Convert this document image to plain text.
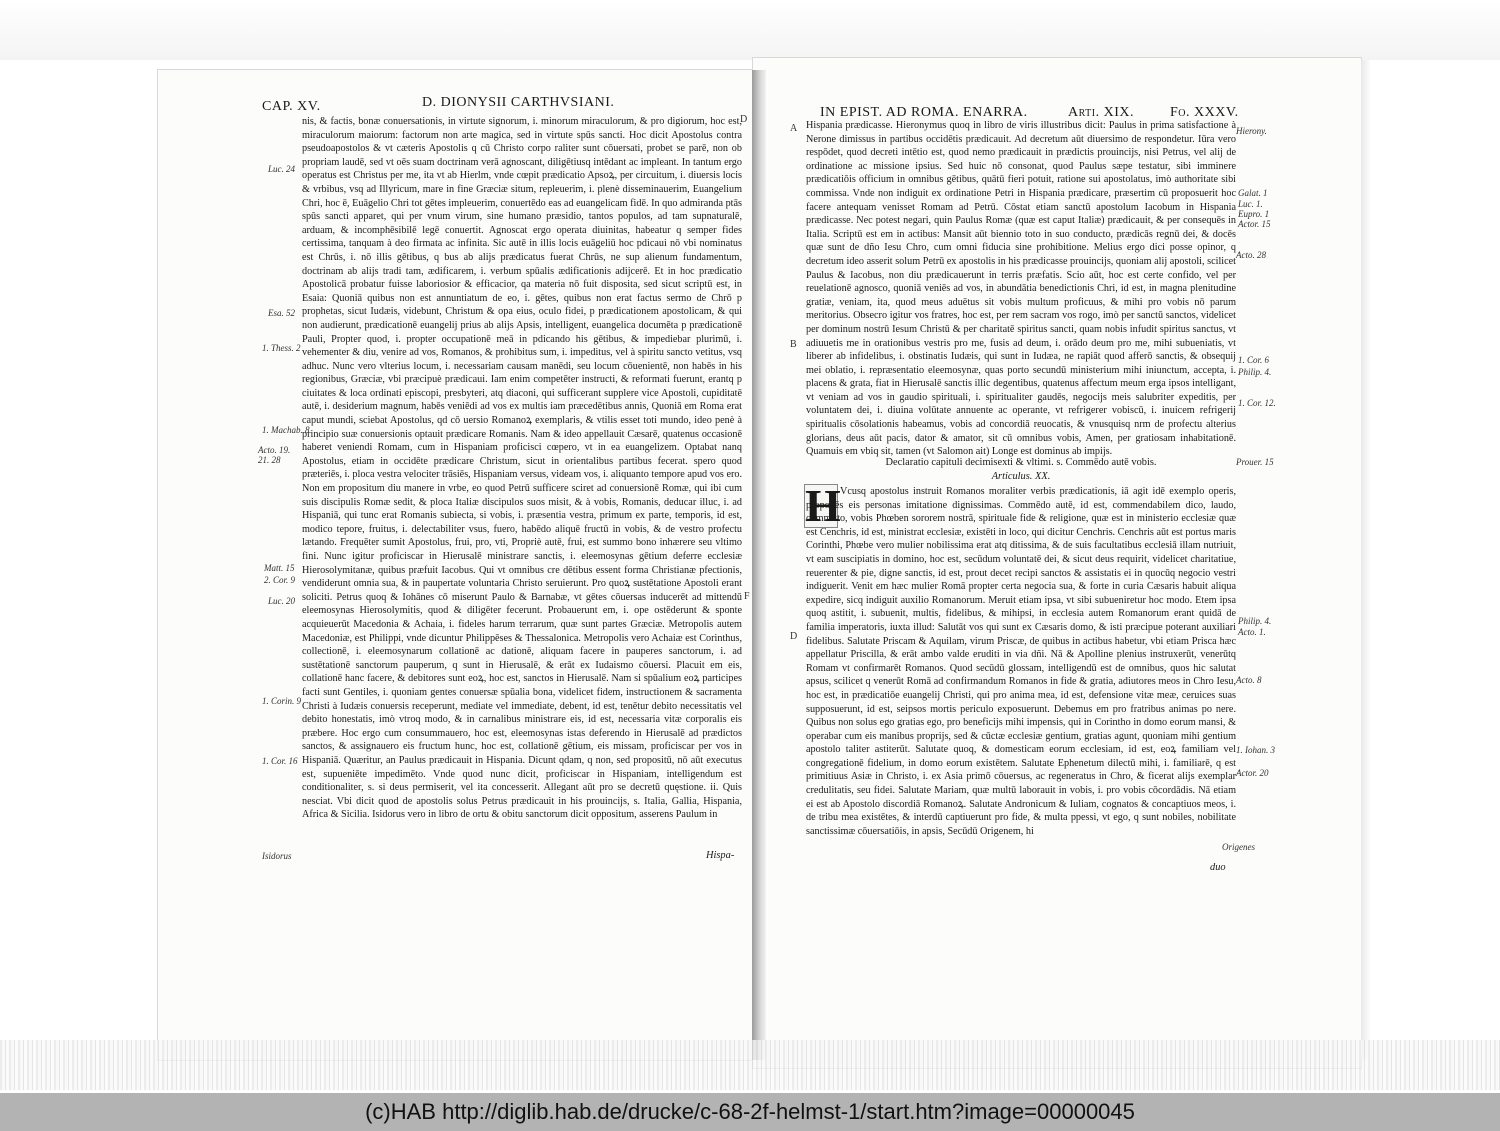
CAP. XV.	D. DIONYSII CARTHVSIANI.
D
F

nis, & factis, bonæ conuersationis, in virtute signorum, i. minorum miraculorum, & pro digiorum, hoc est, miraculorum maiorum: factorum non arte magica, sed in virtute spūs sancti. Hoc dicit Apostolus contra pseudoapostolos & vt cæteris Apostolis q cū Christo corpo raliter sunt cōuersati, probet se parē, non ob propriam laudē, sed vt oēs suam doctrinam verā agnoscant, diligētiusq intēdant ac impleant. In tantum ergo operatus est Christus per me, ita vt ab Hierlm, vnde cœpit prædicatio Apsoꝝ, per circuitum, i. diuersis locis & vrbibus, vsq ad Illyricum, mare in fine Græciæ situm, repleuerim, i. plenè disseminauerim, Euangelium Chri, hoc ē, Euāgelio Chri tot gētes impleuerim, conuertēdo eas ad euangelicam fidē. In quo admiranda ptās spūs sancti apparet, qui per vnum virum, sine humano præsidio, tantos populos, ad tam supnaturalē, arduam, & incomphēsibilē legē conuertit. Agnoscat ergo operata diuinitas, habeatur q semper fides certissima, tanquam à deo firmata ac infinita. Sic autē in illis locis euāgeliū hoc pdicaui nō vbi nominatus est Chrūs, i. nō illis gētibus, q bus ab alijs prædicatus fuerat Chrūs, ne sup alienum fundamentum, doctrinam ab alijs tradi tam, ædificarem, i. verbum spūalis ædificationis adijcerē. Et in hoc prædicatio Apostolicā probatur fuisse laboriosior & efficacior, qa materia nō fuit disposita, sed sicut scriptū est, in Esaia: Quoniā quibus non est annuntiatum de eo, i. gētes, quibus non erat factus sermo de Chrō p prophetas, sicut Iudæis, videbunt, Christum & opa eius, oculo fidei, p prædicationem apostolicam, & qui non audierunt, prædicationē euangelij prius ab alijs Apsis, intelligent, euangelica documēta p prædicationē Pauli, Propter quod, i. propter occupationē meā in pdicando his gētibus, & impediebar plurimū, i. vehementer & diu, venire ad vos, Romanos, & prohibitus sum, i. impeditus, vel à spiritu sancto vetitus, vsq adhuc. Nunc vero vlterius locum, i. necessariam causam manēdi, seu locum cōuenientē, non habēs in his regionibus, Græciæ, vbi præcipuè prædicaui. Iam enim competēter instructi, & reformati fuerunt, erantq p ciuitates & loca ordinati episcopi, presbyteri, atq diaconi, qui sufficerant supplere vice Apostoli, cupiditatē autē, i. desiderium magnum, habēs veniēdi ad vos ex multis iam præcedētibus annis, Quoniā em Roma erat caput mundi, sciebat Apostolus, qd cō uersio Romanoꝝ exemplaris, & vtilis esset toti mundo, ideo penè à principio suæ conuersionis optauit prædicare Romanis. Nam & ideo appellauit Cæsarē, quatenus occasionē haberet veniendi Romam, cum in Hispaniam proficisci cœpero, vt in ea euangelizem. Optabat nanq Apostolus, etiam in occidēte prædicare Christum, sicut in orientalibus partibus fecerat. spero quod præteriēs, i. ploca vestra velociter trāsiēs, Hispaniam versus, videam vos, i. aliquanto tempore apud vos ero. Non em propositum diu manere in vrbe, eo quod Petrū sufficere sciret ad conuersionē Romæ, qui ibi cum suis discipulis Romæ sedit, & ploca Italiæ discipulos suos misit, & à vobis, Romanis, deducar illuc, i. ad Hispaniā, qui tunc erat Romanis subiecta, si vobis, i. præsentia vestra, primum ex parte, temporis, id est, modico tepore, fruitus, i. delectabiliter vsus, fuero, habēdo aliquē fructū in vobis, & de vestro profectu lætando. Frequēter sumit Apostolus, frui, pro, vti, Propriè autē, frui, est summo bono inhærere seu vltimo fini. Nunc igitur proficiscar in Hierusalē ministrare sanctis, i. eleemosynas gētium deferre ecclesiæ Hierosolymitanæ, quibus præfuit Iacobus. Qui vt omnibus cre dētibus essent forma Christianæ pfectionis, vendiderunt omnia sua, & in paupertate voluntaria Christo seruierunt. Pro quoꝝ sustētatione Apostoli erant soliciti. Petrus quoq & Iohānes cō miserunt Paulo & Barnabæ, vt gētes cōuersas inducerēt ad mittendū eleemosynas Hierosolymitis, quod & diligēter fecerunt. Probauerunt em, i. ope ostēderunt & sponte acquieuerūt Macedonia & Achaia, i. fideles harum terrarum, quæ sunt partes Græciæ. Metropolis autem Macedoniæ, est Philippi, vnde dicuntur Philippēses & Thessalonica. Metropolis vero Achaiæ est Corinthus, collectionē, i. eleemosynarum collationē ac dationē, aliquam facere in pauperes sanctorum, i. ad sustētationē sanctorum pauperum, q sunt in Hierusalē, & erāt ex Iudaismo cōuersi. Placuit em eis, collationē hanc facere, & debitores sunt eoꝝ, hoc est, sanctos in Hierusalē. Nam si spūalium eoꝝ participes facti sunt Gentiles, i. quoniam gentes conuersæ spūalia bona, videlicet fidem, instructionem & sacramenta Christi à Iudæis conuersis receperunt, mediate vel immediate, debent, id est, tenētur debito necessitatis vel debito honestatis, imò vtroq modo, & in carnalibus ministrare eis, id est, necessaria vitæ corporalis eis præbere. Hoc ergo cum consummauero, hoc est, eleemosynas istas deferendo in Hierusalē ad prædictos sanctos, & assignauero eis fructum hunc, hoc est, collationē gētium, eis missam, proficiscar per vos in Hispaniā. Quæritur, an Paulus prædicauit in Hispania. Dicunt qdam, q non, sed propositū, nō aūt executus est, supueniēte impedimēto. Vnde quod nunc dicit, proficiscar in Hispaniam, intelligendum est conditionaliter, s. si deus permiserit, vel ita concesserit. Allegant aūt pro se decretū quęstione. ii. Quis nesciat. Vbi dicit quod de apostolis solus Petrus prædicauit in his prouincijs, s. Italia, Gallia, Hispania, Africa & Sicilia. Isidorus vero in libro de ortu & obitu sanctorum dicit oppositum, asserens Paulum in

Hispa-
Luc. 24
Esa. 52
1. Thess. 2
1. Machab. 8
Acto. 19. 21. 28
Matt. 15
2. Cor. 9
Luc. 20
1. Corin. 9
1. Cor. 16
Isidorus
IN EPIST. AD ROMA. ENARRA.	Arti. XIX.	Fo. XXXV.
A
B
D

Hispania prædicasse. Hieronymus quoq in libro de viris illustribus dicit: Paulus in prima satisfactione à Nerone dimissus in partibus occidētis prædicauit. Ad decretum aūt diuersimo de respondetur. Iūra vero respōdet, quod decreti intētio est, quod nemo prædicauit in prædictis prouincijs, nisi Petrus, vel alij de ordinatione ac missione ipsius. Sed huic nō consonat, quod Paulus sæpe testatur, sibi imminere prædicatiōis officium in omnibus gētibus, quātū fieri potuit, ratione sui apostolatus, imò authoritate sibi commissa. Vnde non indiguit ex ordinatione Petri in Hispania prædicare, præsertim cū proposuerit hoc facere antequam venisset Romam ad Petrū. Cōstat etiam sanctū apostolum Iacobum in Hispania prædicasse. Nec potest negari, quin Paulus Romæ (quæ est caput Italiæ) prædicauit, & per consequēs in Italia. Scriptū est em in actibus: Mansit aūt biennio toto in suo conducto, prædicās regnū dei, & docēs quæ sunt de dño Iesu Chro, cum omni fiducia sine prohibitione. Melius ergo dici posse opinor, q decretum ideo asserit solum Petrū ex apostolis in his prædicasse prouincijs, quoniam alij apostoli, scilicet Paulus & Iacobus, non diu prædicauerunt in terris præfatis. Scio aūt, hoc est certe confido, vel per reuelationē agnosco, quoniā veniēs ad vos, in abundātia benedictionis Chri, id est, in magna plenitudine gratiæ, veniam, ita, quod meus aduētus sit vobis multum proficuus, & mihi pro vobis nō parum meritorius. Obsecro igitur vos fratres, hoc est, per rem sacram vos rogo, imò per sanctū sanctos, videlicet per dominum nostrū Iesum Christū & per charitatē spiritus sancti, quam nobis infudit spiritus sanctus, vt adiuuetis me in orationibus vestris pro me, fusis ad deum, i. orādo deum pro me, mihi subueniatis, vt liberer ab infidelibus, i. obstinatis Iudæis, qui sunt in Iudæa, ne rapiāt quod afferō sanctis, & obsequij mei oblatio, i. repræsentatio eleemosynæ, quas porto secundū ministerium mihi iniunctum, accepta, i. placens & grata, fiat in Hierusalē sanctis illic degentibus, quatenus affectum meum erga ipsos intelligant, vt veniam ad vos in gaudio spirituali, i. spiritualiter gaudēs, negocijs meis salubriter expeditis, per voluntatem dei, i. diuina volūtate annuente ac operante, vt refrigerer vobiscū, i. inuicem refrigerij spiritualis cōsolationis habeamus, vobis ad concordiā reuocatis, & vnusquisq nrm de profectu alterius glorians, deus aūt pacis, dator & amator, sit cū omnibus vobis, Amen, per gratiosam inhabitationē. Quamuis em vbiq sit, tamen (vt Salomon ait) Longe est dominus ab impijs.

Declaratio capituli decimisexti & vltimi. s. Commēdo autē vobis.
Articulus. XX.
H Vcusq apostolus instruit Romanos moraliter verbis prædicationis, iā agit idē exemplo operis, proponēs eis personas imitatione dignissimas. Commēdo autē, id est, commendabilem dico, laudo, committo, vobis Phœben sororem nostrā, spirituale fide & religione, quæ est in ministerio ecclesiæ quæ est Cenchris, id est, ministrat ecclesiæ, existēti in loco, qui dicitur Cenchris. Cenchris aūt est portus maris Corinthi, Phœbe vero mulier nobilissima erat atq ditissima, & de suis facultatibus ecclesiā illam nutriuit, vt eam suscipiatis in domino, hoc est, secūdum voluntatē dei, & sicut deus requirit, videlicet charitatiue, reuerenter & pie, digne sanctis, id est, prout decet recipi sanctos & assistatis ei in quocūq negocio vestri indiguerit. Venit em hæc mulier Romā propter certa negocia sua, & forte in curia Cæsaris habuit aliqua expedire, sicq indiguit auxilio Romanorum. Meruit etiam ipsa, vt sibi subueniretur hoc modo. Etem ipsa quoq astitit, i. subuenit, multis, fidelibus, & mihipsi, in ecclesia autem Romanorum erant quidā de familia imperatoris, iuxta illud: Salutāt vos qui sunt ex Cæsaris domo, & isti præcipue poterant auxiliari fidelibus. Salutate Priscam & Aquilam, virum Priscæ, de quibus in actibus habetur, vbi etiam Prisca hæc appellatur Priscilla, & erāt ambo valde eruditi in via dñi. Nā & Apolline plenius instruxerūt, venerūtq Romam vt confirmarēt Romanos. Quod secūdū glossam, intelligendū est de omnibus, quos hic salutat apsus, scilicet q venerūt Romā ad confirmandum Romanos in fide & gratia, adiutores meos in Chro Iesu, hoc est, in prædicatiōe euangelij Christi, qui pro anima mea, id est, defensione vitæ meæ, ceruices suas supposuerunt, id est, seipsos mortis periculo exposuerunt. Debemus em pro fratribus animas po nere. Quibus non solus ego gratias ego, pro beneficijs mihi impensis, qui in Corintho in domo eorum mansi, & operabar cum eis manibus proprijs, sed & cūctæ ecclesiæ gentium, gratias agunt, quoniam mihi gentium apostolo taliter astiterūt. Salutate quoq, & domesticam eorum ecclesiam, id est, eoꝝ familiam vel congregationē fidelium, in domo eorum existētem. Salutate Ephenetum dilectū mihi, i. familiarē, q est primitiuus Asiæ in Christo, i. ex Asia primō cōuersus, ac regeneratus in Chro, & ficerat alijs exemplar credulitatis, seu fidei. Salutate Mariam, quæ multū laborauit in vobis, i. pro vobis cōcordādis. Nā etiam ei est ab Apostolo discordiā Romanoꝝ. Salutate Andronicum & Iuliam, cognatos & concaptiuos meos, i. de tribu mea existētes, & interdū captiuerunt pro fide, & multa ppessi, vt ego, q sunt nobiles, nobilitate sanctissimæ cōuersatiōis, in apsis, Secūdū Origenem, hi

duo
Hierony.
Galat. 1
Luc. 1.
Eupro. 1
Actor. 15
Acto. 28
1. Cor. 6
Philip. 4.
1. Cor. 12.
Prouer. 15
Philip. 4.
Acto. 1.
Acto. 8
1. Iohan. 3
Actor. 20
Origenes
(c)HAB http://diglib.hab.de/drucke/c-68-2f-helmst-1/start.htm?image=00000045
